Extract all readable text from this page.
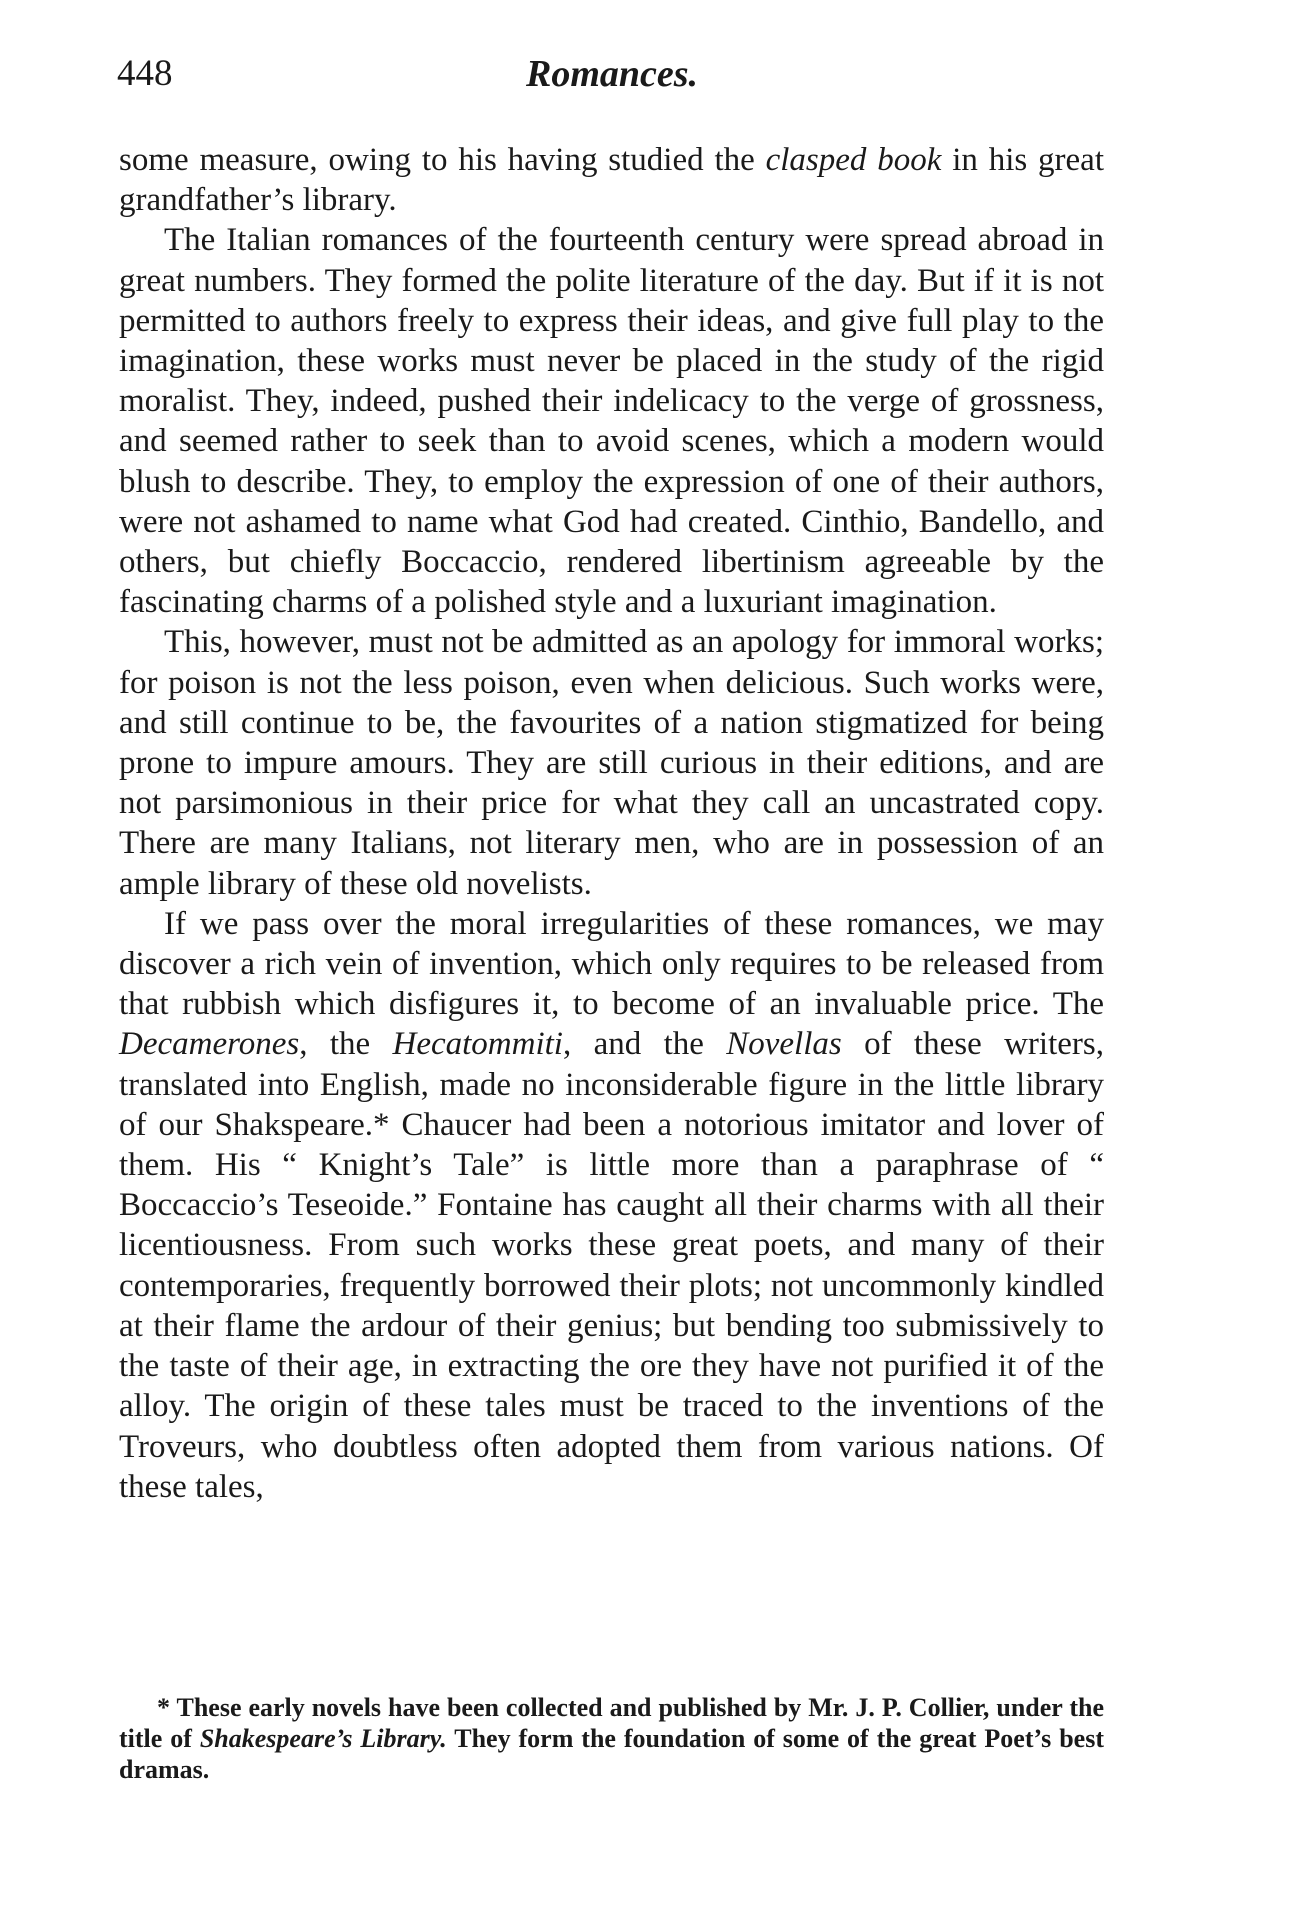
448	Romances.

some measure, owing to his having studied the clasped book in his great grandfather’s library.

The Italian romances of the fourteenth century were spread abroad in great numbers. They formed the polite literature of the day. But if it is not permitted to authors freely to express their ideas, and give full play to the imagination, these works must never be placed in the study of the rigid moralist. They, indeed, pushed their indelicacy to the verge of grossness, and seemed rather to seek than to avoid scenes, which a modern would blush to describe. They, to employ the expression of one of their authors, were not ashamed to name what God had created. Cinthio, Bandello, and others, but chiefly Boccaccio, rendered libertinism agreeable by the fascinating charms of a polished style and a luxuriant imagination.

This, however, must not be admitted as an apology for immoral works; for poison is not the less poison, even when delicious. Such works were, and still continue to be, the favourites of a nation stigmatized for being prone to impure amours. They are still curious in their editions, and are not parsimonious in their price for what they call an uncastrated copy. There are many Italians, not literary men, who are in possession of an ample library of these old novelists.

If we pass over the moral irregularities of these romances, we may discover a rich vein of invention, which only requires to be released from that rubbish which disfigures it, to become of an invaluable price. The Decamerones, the Hecatommiti, and the Novellas of these writers, translated into English, made no inconsiderable figure in the little library of our Shakspeare.* Chaucer had been a notorious imitator and lover of them. His “ Knight’s Tale” is little more than a paraphrase of “ Boccaccio’s Teseoide.” Fontaine has caught all their charms with all their licentiousness. From such works these great poets, and many of their contemporaries, frequently borrowed their plots; not uncommonly kindled at their flame the ardour of their genius; but bending too submissively to the taste of their age, in extracting the ore they have not purified it of the alloy. The origin of these tales must be traced to the inventions of the Troveurs, who doubtless often adopted them from various nations. Of these tales,

* These early novels have been collected and published by Mr. J. P. Collier, under the title of Shakespeare’s Library. They form the foundation of some of the great Poet’s best dramas.
